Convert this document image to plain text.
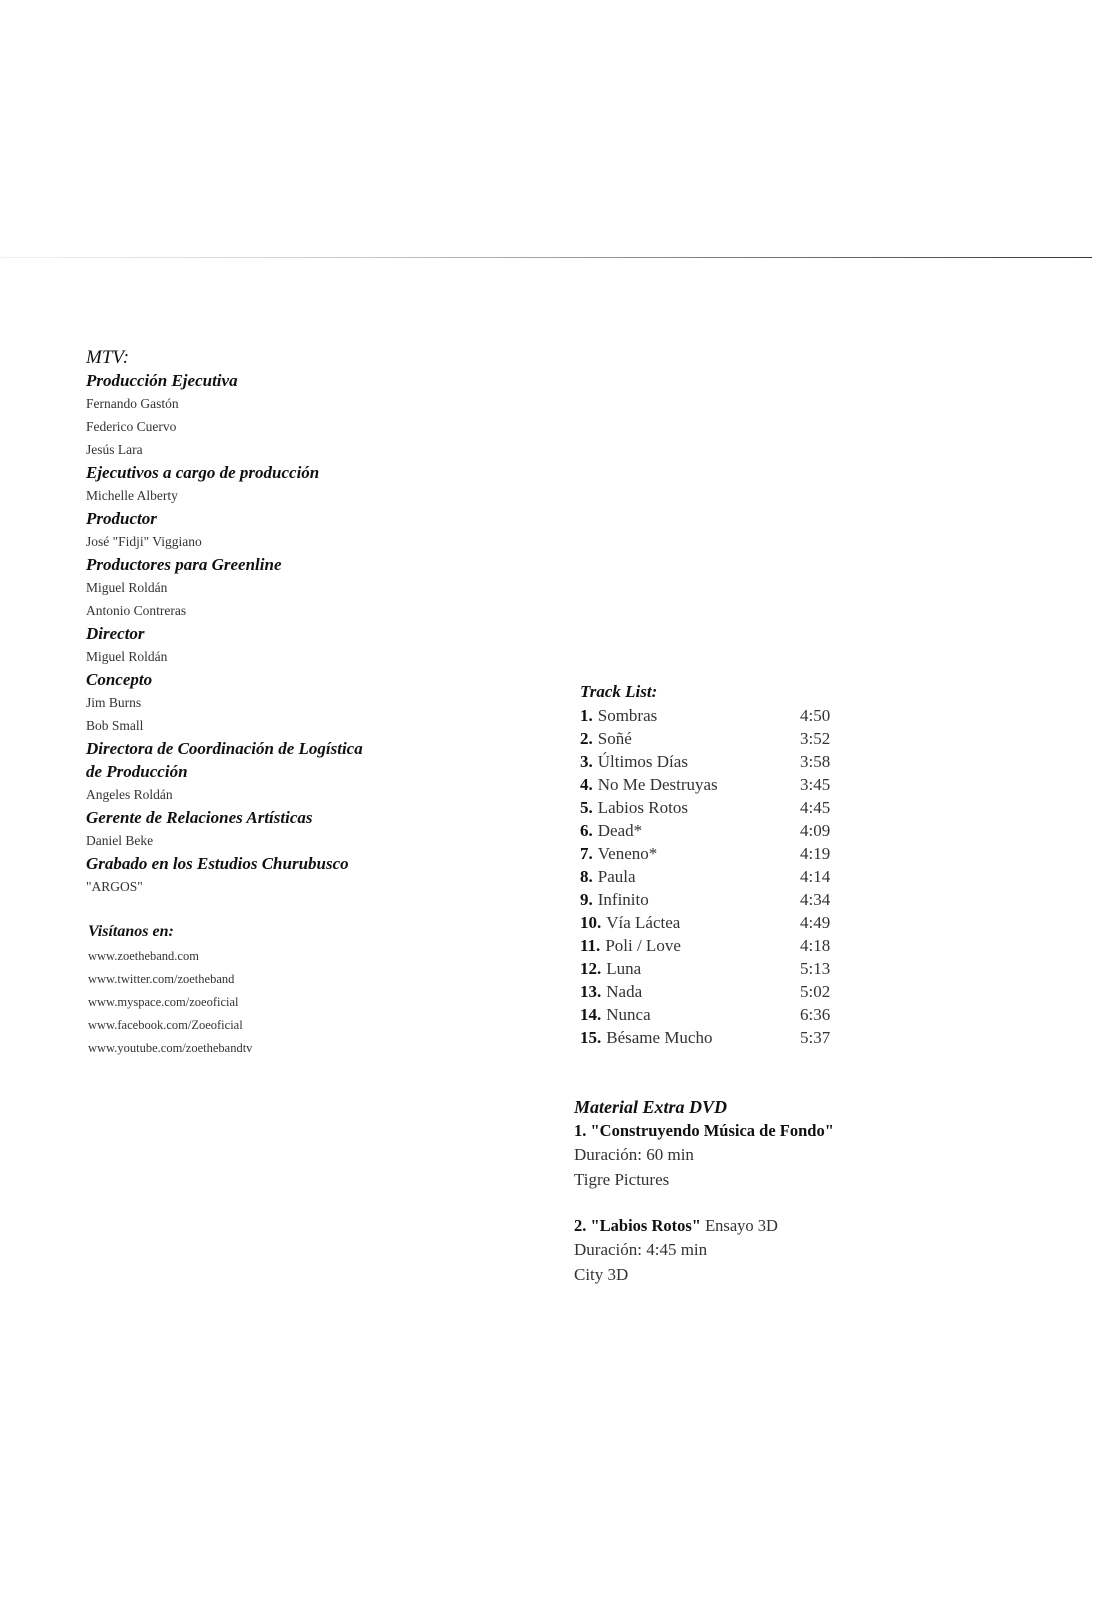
MTV:
Producción Ejecutiva
Fernando Gastón
Federico Cuervo
Jesús Lara
Ejecutivos a cargo de producción
Michelle Alberty
Productor
José "Fidji" Viggiano
Productores para Greenline
Miguel Roldán
Antonio Contreras
Director
Miguel Roldán
Concepto
Jim Burns
Bob Small
Directora de Coordinación de Logística
de Producción
Angeles Roldán
Gerente de Relaciones Artísticas
Daniel Beke
Grabado en los Estudios Churubusco
"ARGOS"
Visítanos en:
www.zoetheband.com
www.twitter.com/zoetheband
www.myspace.com/zoeoficial
www.facebook.com/Zoeoficial
www.youtube.com/zoethebandtv
Track List:
1. Sombras	4:50
2. Soñé	3:52
3. Últimos Días	3:58
4. No Me Destruyas	3:45
5. Labios Rotos	4:45
6. Dead*	4:09
7. Veneno*	4:19
8. Paula	4:14
9. Infinito	4:34
10. Vía Láctea	4:49
11. Poli / Love	4:18
12. Luna	5:13
13. Nada	5:02
14. Nunca	6:36
15. Bésame Mucho	5:37
Material Extra DVD
1. "Construyendo Música de Fondo"
Duración: 60 min
Tigre Pictures
2. "Labios Rotos" Ensayo 3D
Duración: 4:45 min
City 3D
